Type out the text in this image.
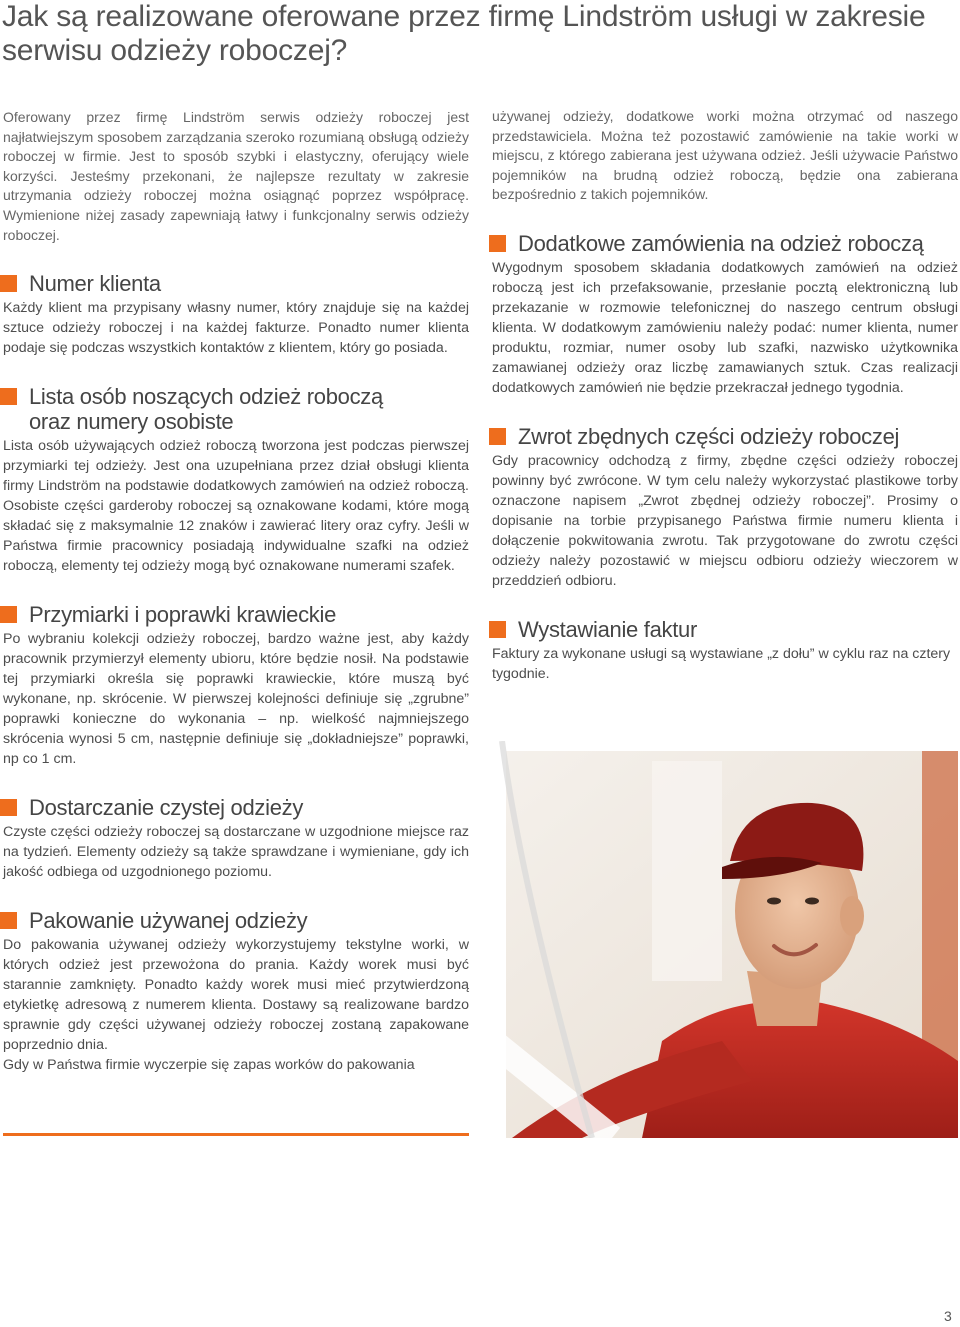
Jak są realizowane oferowane przez firmę Lindström usługi w zakresie serwisu odzieży roboczej?

Oferowany przez firmę Lindström serwis odzieży roboczej jest najłatwiejszym sposobem zarządzania szeroko rozumianą obsługą odzieży roboczej w firmie. Jest to sposób szybki i elastyczny, oferujący wiele korzyści. Jesteśmy przekonani, że najlepsze rezultaty w zakresie utrzymania odzieży roboczej można osiągnąć poprzez współpracę. Wymienione niżej zasady zapewniają łatwy i funkcjonalny serwis odzieży roboczej.

Numer klienta

Każdy klient ma przypisany własny numer, który znajduje się na każdej sztuce odzieży roboczej i na każdej fakturze. Ponadto numer klienta podaje się podczas wszystkich kontaktów z klientem, który go posiada.

Lista osób noszących odzież roboczą
oraz numery osobiste

Lista osób używających odzież roboczą tworzona jest podczas pierwszej przymiarki tej odzieży. Jest ona uzupełniana przez dział obsługi klienta firmy Lindström na podstawie dodatkowych zamówień na odzież roboczą. Osobiste części garderoby roboczej są oznakowane kodami, które mogą składać się z maksymalnie 12 znaków i zawierać litery oraz cyfry. Jeśli w Państwa firmie pracownicy posiadają indywidualne szafki na odzież roboczą, elementy tej odzieży mogą być oznakowane numerami szafek.

Przymiarki i poprawki krawieckie

Po wybraniu kolekcji odzieży roboczej, bardzo ważne jest, aby każdy pracownik przymierzył elementy ubioru, które będzie nosił. Na podstawie tej przymiarki określa się poprawki krawieckie, które muszą być wykonane, np. skrócenie. W pierwszej kolejności definiuje się „zgrubne” poprawki konieczne do wykonania – np. wielkość najmniejszego skrócenia wynosi 5 cm, następnie definiuje się „dokładniejsze” poprawki, np co 1 cm.

Dostarczanie czystej odzieży

Czyste części odzieży roboczej są dostarczane w uzgodnione miejsce raz na tydzień. Elementy odzieży są także sprawdzane i wymieniane, gdy ich jakość odbiega od uzgodnionego poziomu.

Pakowanie używanej odzieży

Do pakowania używanej odzieży wykorzystujemy tekstylne worki, w których odzież jest przewożona do prania. Każdy worek musi być starannie zamknięty. Ponadto każdy worek musi mieć przytwierdzoną etykietkę adresową z numerem klienta. Dostawy są realizowane bardzo sprawnie gdy części używanej odzieży roboczej zostaną zapakowane poprzednio dnia.

Gdy w Państwa firmie wyczerpie się zapas worków do pakowania

używanej odzieży, dodatkowe worki można otrzymać od naszego przedstawiciela. Można też pozostawić zamówienie na takie worki w miejscu, z którego zabierana jest używana odzież. Jeśli używacie Państwo pojemników na brudną odzież roboczą, będzie ona zabierana bezpośrednio z takich pojemników.

Dodatkowe zamówienia na odzież roboczą

Wygodnym sposobem składania dodatkowych zamówień na odzież roboczą jest ich przefaksowanie, przesłanie pocztą elektroniczną lub przekazanie w rozmowie telefonicznej do naszego centrum obsługi klienta. W dodatkowym zamówieniu należy podać: numer klienta, numer produktu, rozmiar, numer osoby lub szafki, nazwisko użytkownika zamawianej odzieży oraz liczbę zamawianych sztuk. Czas realizacji dodatkowych zamówień nie będzie przekraczał jednego tygodnia.

Zwrot zbędnych części odzieży roboczej

Gdy pracownicy odchodzą z firmy, zbędne części odzieży roboczej powinny być zwrócone. W tym celu należy wykorzystać plastikowe torby oznaczone napisem „Zwrot zbędnej odzieży roboczej”. Prosimy o dopisanie na torbie przypisanego Państwa firmie numeru klienta i dołączenie pokwitowania zwrotu. Tak przygotowane do zwrotu części odzieży należy pozostawić w miejscu odbioru odzieży wieczorem w przeddzień odbioru.

Wystawianie faktur

Faktury za wykonane usługi są wystawiane „z dołu” w cyklu raz na cztery tygodnie.

3
